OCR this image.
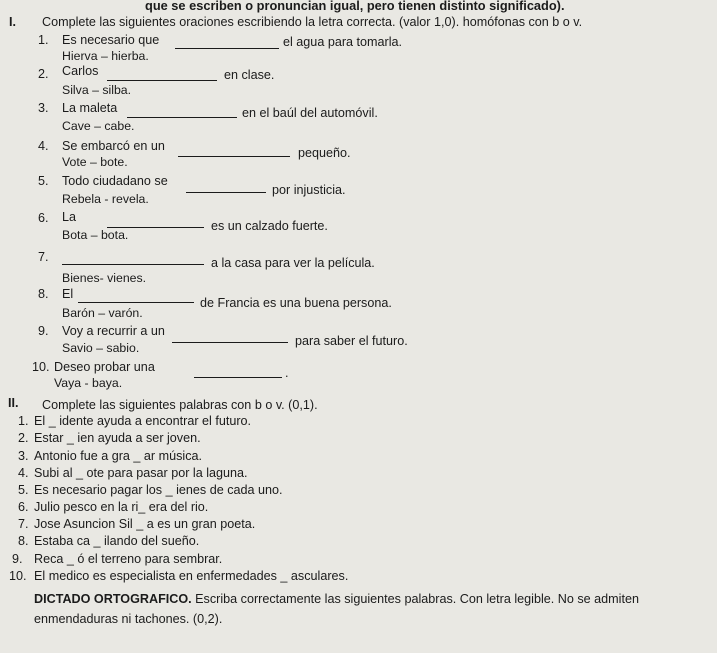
que se escriben o pronuncian igual, pero tienen distinto significado).
I. Complete las siguientes oraciones escribiendo la letra correcta. (valor 1,0). homófonas con b o v.
1. Es necesario que	el agua para tomarla.
Hierva – hierba.
2. Carlos	en clase.
Silva – silba.
3. La maleta	en el baúl del automóvil.
Cave – cabe.
4. Se embarcó en un	pequeño.
Vote – bote.
5. Todo ciudadano se
por injusticia.
Rebela - revela.
6. La
es un calzado fuerte.
Bota – bota.
7.	a la casa para ver la película.
Bienes- vienes.
8. El
de Francia es una buena persona.
Barón – varón.
9. Voy a recurrir a un
para saber el futuro.
Savio – sabio.
10. Deseo probar una	.
Vaya - baya.
II. Complete las siguientes palabras con b o v. (0,1).
1. El _ idente ayuda a encontrar el futuro.
2. Estar _ ien ayuda a ser joven.
3. Antonio fue a gra _ ar música.
4. Subi al _ ote para pasar por la laguna.
5. Es necesario pagar los _ ienes de cada uno.
6. Julio pesco en la ri_ era del rio.
7. Jose Asuncion Sil _ a es un gran poeta.
8. Estaba ca _ ilando del sueño.
9. Reca _ ó el terreno para sembrar.
10. El medico es especialista en enfermedades _ asculares.
DICTADO ORTOGRAFICO. Escriba correctamente las siguientes palabras. Con letra legible. No se admiten
enmendaduras ni tachones. (0,2).
